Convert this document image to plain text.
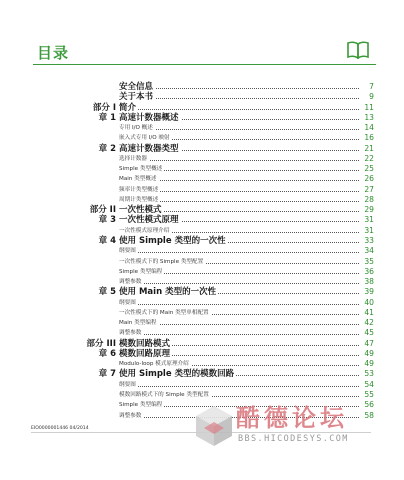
目录
安全信息	7
关于本书	9
部分 I 简介	11
章 1 高速计数器概述	13
专用 I/O 概述	14
嵌入式专用 I/O 映射	16
章 2 高速计数器类型	21
选择计数器	22
Simple 类型概述	25
Main 类型概述	26
频率计类型概述	27
周期计类型概述	28
部分 II 一次性模式	29
章 3 一次性模式原理	31
一次性模式原理介绍	31
章 4 使用 Simple 类型的一次性	33
纲要图	34
一次性模式下的 Simple 类型配置	35
Simple 类型编程	36
调整参数	38
章 5 使用 Main 类型的一次性	39
纲要图	40
一次性模式下的 Main 类型单相配置	41
Main 类型编程	42
调整参数	45
部分 III 模数回路模式	47
章 6 模数回路原理	49
Modulo-loop 模式原理介绍	49
章 7 使用 Simple 类型的模数回路	53
纲要图	54
模数回路模式下的 Simple 类型配置	55
Simple 类型编程	56
调整参数	58
EIO0000001446 04/2014	酷德论坛
BBS.HICODESYS.COM
